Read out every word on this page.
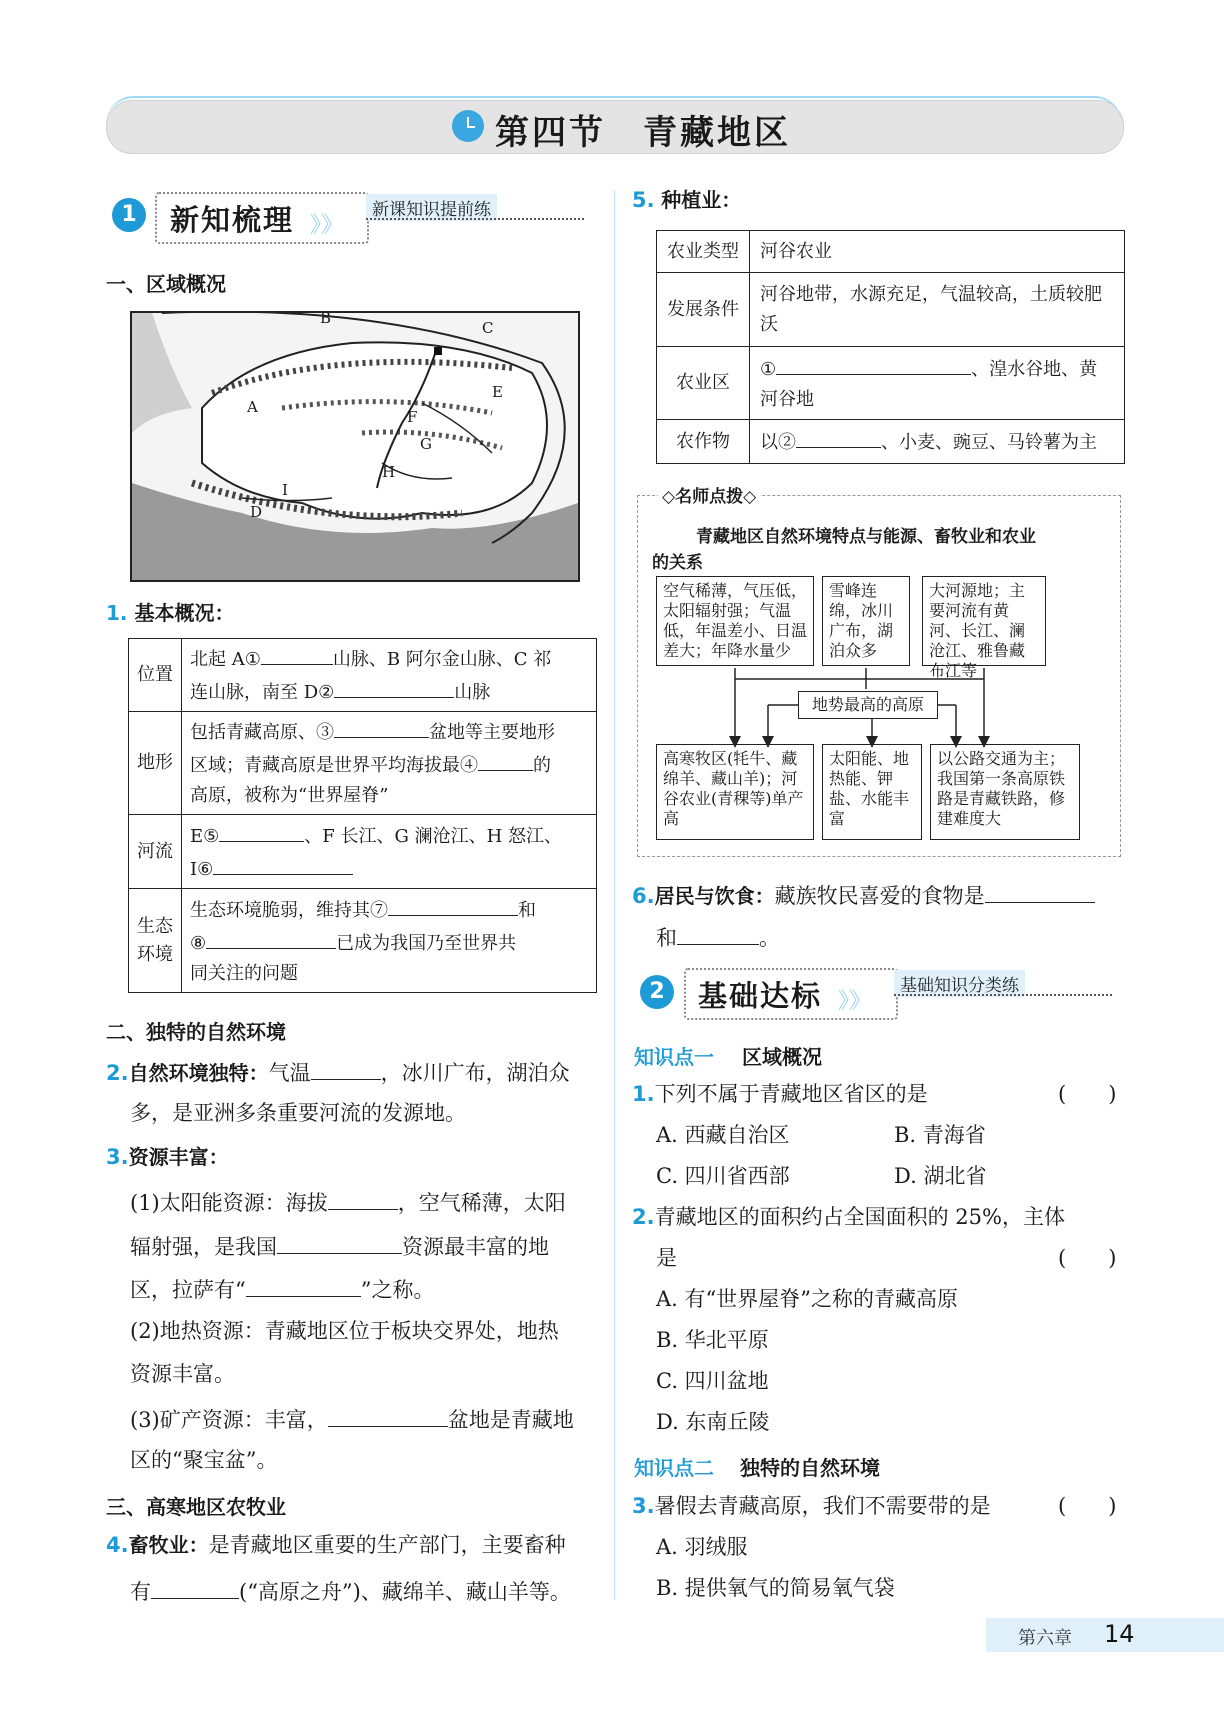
第四节　青藏地区
1	新知梳理 》》
新课知识提前练
一、区域概况
B
C
A
E
F
G
H
I
D
1. 基本概况：
位置	北起 A① 山脉、B 阿尔金山脉、C 祁
连山脉，南至 D② 山脉
地形	包括青藏高原、③ 盆地等主要地形
区域；青藏高原是世界平均海拔最④ 的
高原，被称为“世界屋脊”
河流	E⑤ 、F 长江、G 澜沧江、H 怒江、
I⑥
生态环境	生态环境脆弱，维持其⑦ 和
⑧ 已成为我国乃至世界共
同关注的问题
二、独特的自然环境
2.自然环境独特：气温	，冰川广布，湖泊众
多，是亚洲多条重要河流的发源地。
3.资源丰富：
(1)太阳能资源：海拔	，空气稀薄，太阳
辐射强，是我国	资源最丰富的地
区，拉萨有“	”之称。
(2)地热资源：青藏地区位于板块交界处，地热
资源丰富。
(3)矿产资源：丰富，	盆地是青藏地
区的“聚宝盆”。
三、高寒地区农牧业
4.畜牧业：是青藏地区重要的生产部门，主要畜种
有	(“高原之舟”)、藏绵羊、藏山羊等。
5. 种植业：
农业类型	河谷农业
发展条件	河谷地带，水源充足，气温较高，土质较肥沃
农业区	① 、湟水谷地、黄
河谷地
农作物	以② 、小麦、豌豆、马铃薯为主
◇名师点拨◇
青藏地区自然环境特点与能源、畜牧业和农业
的关系
空气稀薄，气压低，太阳辐射强；气温低，年温差小、日温差大；年降水量少
雪峰连绵，冰川广布，湖泊众多
大河源地；主要河流有黄河、长江、澜沧江、雅鲁藏布江等
地势最高的高原
高寒牧区(牦牛、藏绵羊、藏山羊)；河谷农业(青稞等)单产高
太阳能、地热能、钾盐、水能丰富
以公路交通为主；我国第一条高原铁路是青藏铁路，修建难度大
6.居民与饮食：藏族牧民喜爱的食物是
和	。
2	基础达标 》》
基础知识分类练
知识点一 区域概况
1.下列不属于青藏地区省区的是	(　　)
A. 西藏自治区	B. 青海省
C. 四川省西部	D. 湖北省
2.青藏地区的面积约占全国面积的 25%，主体
是	(　　)
A. 有“世界屋脊”之称的青藏高原
B. 华北平原
C. 四川盆地
D. 东南丘陵
知识点二 独特的自然环境
3.暑假去青藏高原，我们不需要带的是	(　　)
A. 羽绒服
B. 提供氧气的简易氧气袋
第六章 14
